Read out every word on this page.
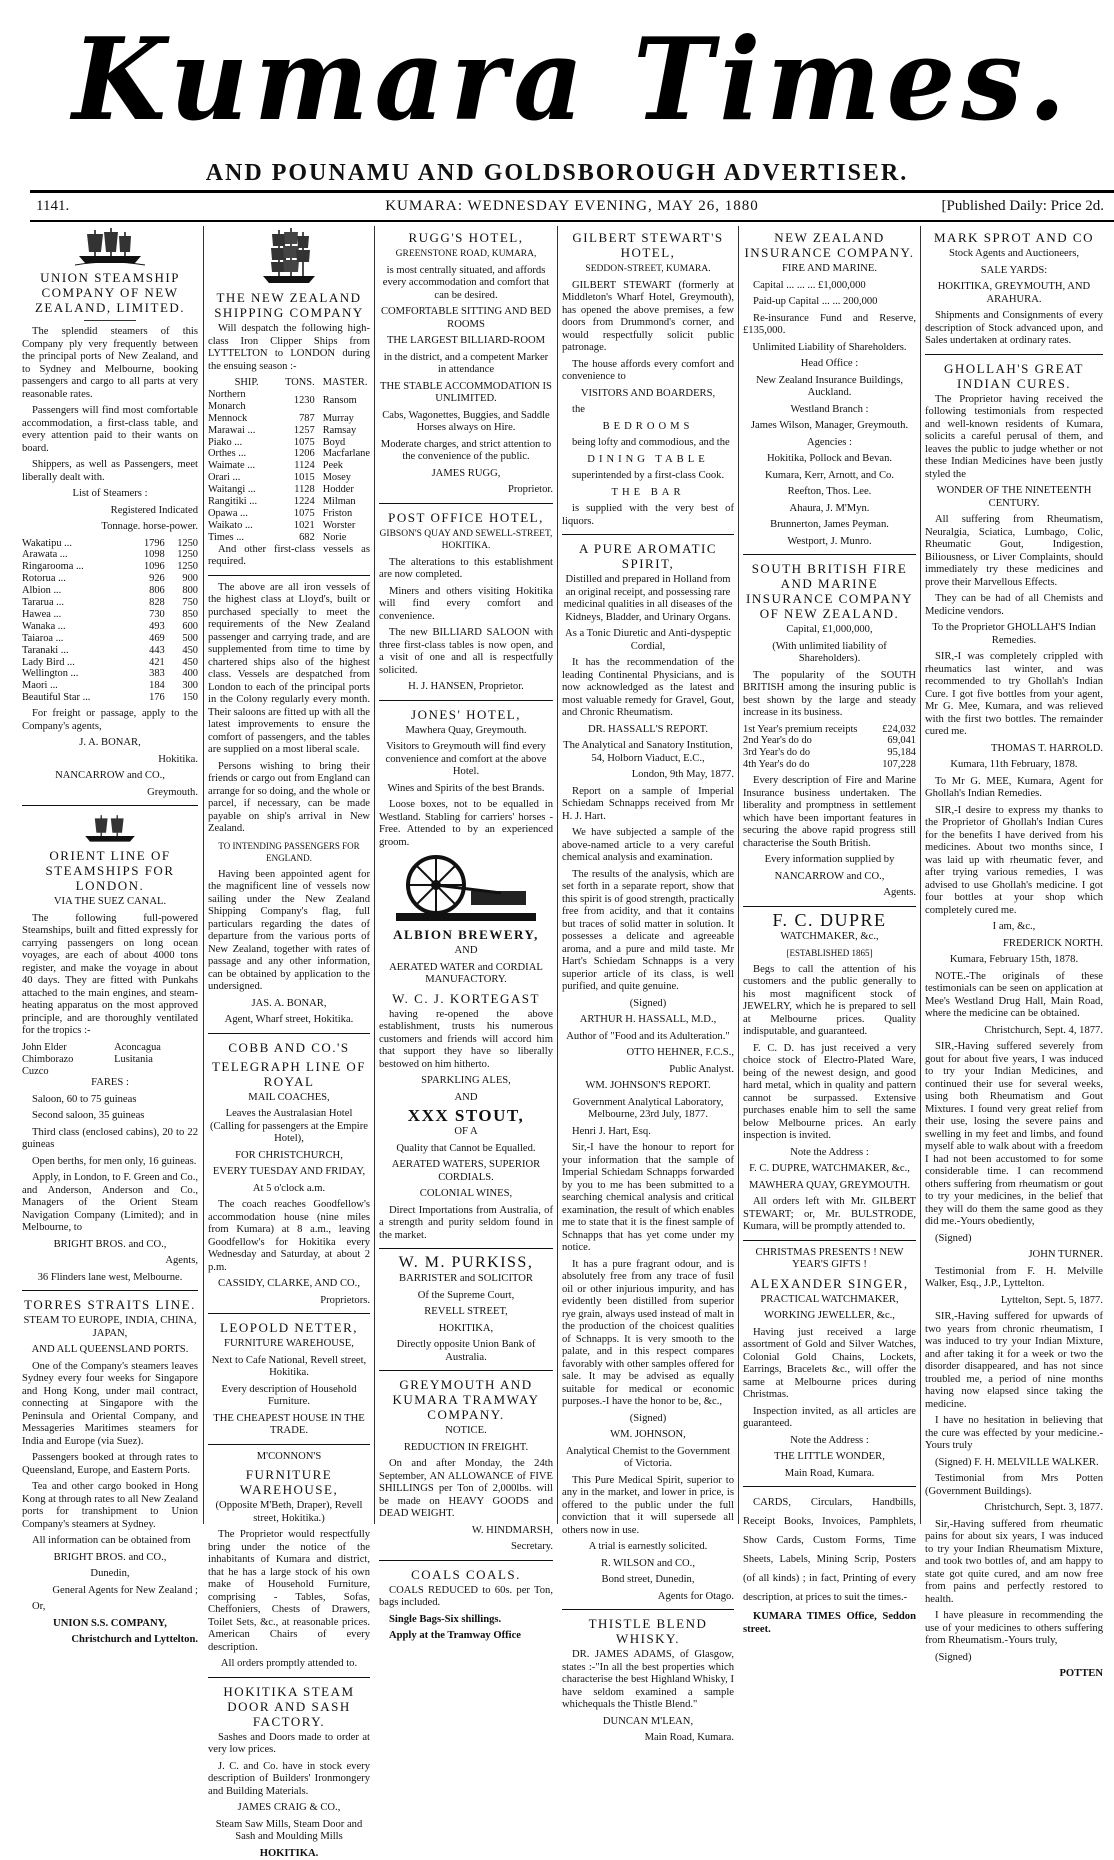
Kumara Times.
AND POUNAMU AND GOLDSBOROUGH ADVERTISER.
1141.	KUMARA: WEDNESDAY EVENING, MAY 26, 1880	[Published Daily: Price 2d.
UNION STEAMSHIP COMPANY OF NEW ZEALAND, LIMITED.

The splendid steamers of this Company ply very frequently between the principal ports of New Zealand, and to Sydney and Melbourne, booking passengers and cargo to all parts at very reasonable rates.

Passengers will find most comfortable accommodation, a first-class table, and every attention paid to their wants on board.

Shippers, as well as Passengers, meet liberally dealt with.

List of Steamers :

Registered Indicated

Tonnage. horse-power.

Wakatipu ...	1796	1250
Arawata ...	1098	1250
Ringarooma ...	1096	1250
Rotorua ...	926	900
Albion ...	806	800
Tararua ...	828	750
Hawea ...	730	850
Wanaka ...	493	600
Taiaroa ...	469	500
Taranaki ...	443	450
Lady Bird ...	421	450
Wellington ...	383	400
Maori ...	184	300
Beautiful Star ...	176	150

For freight or passage, apply to the Company's agents,

J. A. BONAR,

Hokitika.

NANCARROW and CO.,

Greymouth.

ORIENT LINE OF STEAMSHIPS FOR LONDON.

VIA THE SUEZ CANAL.

The following full-powered Steamships, built and fitted expressly for carrying passengers on long ocean voyages, are each of about 4000 tons register, and make the voyage in about 40 days. They are fitted with Punkahs attached to the main engines, and steam-heating apparatus on the most approved principle, and are thoroughly ventilated for the tropics :-

John Elder	Aconcagua
Chimborazo	Lusitania
Cuzco	

FARES :

Saloon, 60 to 75 guineas

Second saloon, 35 guineas

Third class (enclosed cabins), 20 to 22 guineas

Open berths, for men only, 16 guineas.

Apply, in London, to F. Green and Co., and Anderson, Anderson and Co., Managers of the Orient Steam Navigation Company (Limited); and in Melbourne, to

BRIGHT BROS. and CO.,

Agents,

36 Flinders lane west, Melbourne.

TORRES STRAITS LINE.

STEAM TO EUROPE, INDIA, CHINA, JAPAN,

AND ALL QUEENSLAND PORTS.

One of the Company's steamers leaves Sydney every four weeks for Singapore and Hong Kong, under mail contract, connecting at Singapore with the Peninsula and Oriental Company, and Messageries Maritimes steamers for India and Europe (via Suez).

Passengers booked at through rates to Queensland, Europe, and Eastern Ports.

Tea and other cargo booked in Hong Kong at through rates to all New Zealand ports for transhipment to Union Company's steamers at Sydney.

All information can be obtained from

BRIGHT BROS. and CO.,

Dunedin,

General Agents for New Zealand ;

Or,

UNION S.S. COMPANY,

Christchurch and Lyttelton.

THE NEW ZEALAND SHIPPING COMPANY

Will despatch the following high-class Iron Clipper Ships from LYTTELTON to LONDON during the ensuing season :-

SHIP.	TONS.	MASTER.
Northern Monarch	1230	Ransom
Mennock	787	Murray
Marawai ...	1257	Ramsay
Piako ...	1075	Boyd
Orthes ...	1206	Macfarlane
Waimate ...	1124	Peek
Orari ...	1015	Mosey
Waitangi ...	1128	Hodder
Rangitiki ...	1224	Milman
Opawa ...	1075	Friston
Waikato ...	1021	Worster
Times ...	682	Norie

And other first-class vessels as required.

The above are all iron vessels of the highest class at Lloyd's, built or purchased specially to meet the requirements of the New Zealand passenger and carrying trade, and are supplemented from time to time by chartered ships also of the highest class. Vessels are despatched from London to each of the principal ports in the Colony regularly every month. Their saloons are fitted up with all the latest improvements to ensure the comfort of passengers, and the tables are supplied on a most liberal scale.

Persons wishing to bring their friends or cargo out from England can arrange for so doing, and the whole or parcel, if necessary, can be made payable on ship's arrival in New Zealand.

TO INTENDING PASSENGERS FOR ENGLAND.

Having been appointed agent for the magnificent line of vessels now sailing under the New Zealand Shipping Company's flag, full particulars regarding the dates of departure from the various ports of New Zealand, together with rates of passage and any other information, can be obtained by application to the undersigned.

JAS. A. BONAR,

Agent, Wharf street, Hokitika.

COBB AND CO.'S
TELEGRAPH LINE OF ROYAL

MAIL COACHES,

Leaves the Australasian Hotel (Calling for passengers at the Empire Hotel),

FOR CHRISTCHURCH,

EVERY TUESDAY AND FRIDAY,

At 5 o'clock a.m.

The coach reaches Goodfellow's accommodation house (nine miles from Kumara) at 8 a.m., leaving Goodfellow's for Hokitika every Wednesday and Saturday, at about 2 p.m.

CASSIDY, CLARKE, AND CO.,

Proprietors.

LEOPOLD NETTER,

FURNITURE WAREHOUSE,

Next to Cafe National, Revell street, Hokitika.

Every description of Household Furniture.

THE CHEAPEST HOUSE IN THE TRADE.

M'CONNON'S

FURNITURE WAREHOUSE,

(Opposite M'Beth, Draper), Revell street, Hokitika.)

The Proprietor would respectfully bring under the notice of the inhabitants of Kumara and district, that he has a large stock of his own make of Household Furniture, comprising - Tables, Sofas, Cheffoniers, Chests of Drawers, Toilet Sets, &c., at reasonable prices. American Chairs of every description.

All orders promptly attended to.

HOKITIKA STEAM DOOR AND SASH FACTORY.

Sashes and Doors made to order at very low prices.

J. C. and Co. have in stock every description of Builders' Ironmongery and Building Materials.

JAMES CRAIG & CO.,

Steam Saw Mills, Steam Door and Sash and Moulding Mills

HOKITIKA.

RUGG'S HOTEL,

GREENSTONE ROAD, KUMARA,

is most centrally situated, and affords every accommodation and comfort that can be desired.

COMFORTABLE SITTING AND BED ROOMS

THE LARGEST BILLIARD-ROOM

in the district, and a competent Marker in attendance

THE STABLE ACCOMMODATION IS UNLIMITED.

Cabs, Wagonettes, Buggies, and Saddle Horses always on Hire.

Moderate charges, and strict attention to the convenience of the public.

JAMES RUGG,

Proprietor.

POST OFFICE HOTEL,

GIBSON'S QUAY AND SEWELL-STREET, HOKITIKA.

The alterations to this establishment are now completed.

Miners and others visiting Hokitika will find every comfort and convenience.

The new BILLIARD SALOON with three first-class tables is now open, and a visit of one and all is respectfully solicited.

H. J. HANSEN, Proprietor.

JONES' HOTEL,

Mawhera Quay, Greymouth.

Visitors to Greymouth will find every convenience and comfort at the above Hotel.

Wines and Spirits of the best Brands.

Loose boxes, not to be equalled in Westland. Stabling for carriers' horses -Free. Attended to by an experienced groom.

ALBION BREWERY,

AND

AERATED WATER and CORDIAL MANUFACTORY.

W. C. J. KORTEGAST

having re-opened the above establishment, trusts his numerous customers and friends will accord him that support they have so liberally bestowed on him hitherto.

SPARKLING ALES,

AND

XXX STOUT,

OF A

Quality that Cannot be Equalled.

AERATED WATERS, SUPERIOR CORDIALS.

COLONIAL WINES,

Direct Importations from Australia, of a strength and purity seldom found in the market.

W. M. PURKISS,

BARRISTER and SOLICITOR

Of the Supreme Court,

REVELL STREET,

HOKITIKA,

Directly opposite Union Bank of Australia.

GREYMOUTH AND KUMARA TRAMWAY COMPANY.

NOTICE.

REDUCTION IN FREIGHT.

On and after Monday, the 24th September, AN ALLOWANCE of FIVE SHILLINGS per Ton of 2,000lbs. will be made on HEAVY GOODS and DEAD WEIGHT.

W. HINDMARSH,

Secretary.

COALS COALS.

COALS REDUCED to 60s. per Ton, bags included.

Single Bags-Six shillings.

Apply at the Tramway Office

GILBERT STEWART'S HOTEL,

SEDDON-STREET, KUMARA.

GILBERT STEWART (formerly at Middleton's Wharf Hotel, Greymouth), has opened the above premises, a few doors from Drummond's corner, and would respectfully solicit public patronage.

The house affords every comfort and convenience to

VISITORS AND BOARDERS,

the

BEDROOMS

being lofty and commodious, and the

DINING TABLE

superintended by a first-class Cook.

THE BAR

is supplied with the very best of liquors.

A PURE AROMATIC SPIRIT,

Distilled and prepared in Holland from an original receipt, and possessing rare medicinal qualities in all diseases of the Kidneys, Bladder, and Urinary Organs.

As a Tonic Diuretic and Anti-dyspeptic Cordial,

It has the recommendation of the leading Continental Physicians, and is now acknowledged as the latest and most valuable remedy for Gravel, Gout, and Chronic Rheumatism.

DR. HASSALL'S REPORT.

The Analytical and Sanatory Institution, 54, Holborn Viaduct, E.C.,

London, 9th May, 1877.

Report on a sample of Imperial Schiedam Schnapps received from Mr H. J. Hart.

We have subjected a sample of the above-named article to a very careful chemical analysis and examination.

The results of the analysis, which are set forth in a separate report, show that this spirit is of good strength, practically free from acidity, and that it contains but traces of solid matter in solution. It possesses a delicate and agreeable aroma, and a pure and mild taste. Mr Hart's Schiedam Schnapps is a very superior article of its class, is well purified, and quite genuine.

(Signed)

ARTHUR H. HASSALL, M.D.,

Author of "Food and its Adulteration."

OTTO HEHNER, F.C.S.,

Public Analyst.

WM. JOHNSON'S REPORT.

Government Analytical Laboratory, Melbourne, 23rd July, 1877.

Henri J. Hart, Esq.

Sir,-I have the honour to report for your information that the sample of Imperial Schiedam Schnapps forwarded by you to me has been submitted to a searching chemical analysis and critical examination, the result of which enables me to state that it is the finest sample of Schnapps that has yet come under my notice.

It has a pure fragrant odour, and is absolutely free from any trace of fusil oil or other injurious impurity, and has evidently been distilled from superior rye grain, always used instead of malt in the production of the choicest qualities of Schnapps. It is very smooth to the palate, and in this respect compares favorably with other samples offered for sale. It may be advised as equally suitable for medical or economic purposes.-I have the honor to be, &c.,

(Signed)

WM. JOHNSON,

Analytical Chemist to the Government of Victoria.

This Pure Medical Spirit, superior to any in the market, and lower in price, is offered to the public under the full conviction that it will supersede all others now in use.

A trial is earnestly solicited.

R. WILSON and CO.,

Bond street, Dunedin,

Agents for Otago.

THISTLE BLEND WHISKY.

DR. JAMES ADAMS, of Glasgow, states :-"In all the best properties which characterise the best Highland Whisky, I have seldom examined a sample whichequals the Thistle Blend."

DUNCAN M'LEAN,

Main Road, Kumara.

NEW ZEALAND INSURANCE COMPANY.

FIRE AND MARINE.

Capital ... ... ... £1,000,000

Paid-up Capital ... ... 200,000

Re-insurance Fund and Reserve, £135,000.

Unlimited Liability of Shareholders.

Head Office :

New Zealand Insurance Buildings, Auckland.

Westland Branch :

James Wilson, Manager, Greymouth.

Agencies :

Hokitika, Pollock and Bevan.

Kumara, Kerr, Arnott, and Co.

Reefton, Thos. Lee.

Ahaura, J. M'Myn.

Brunnerton, James Peyman.

Westport, J. Munro.

SOUTH BRITISH FIRE AND MARINE INSURANCE COMPANY OF NEW ZEALAND.

Capital, £1,000,000,

(With unlimited liability of Shareholders).

The popularity of the SOUTH BRITISH among the insuring public is best shown by the large and steady increase in its business.

1st Year's premium receipts	£24,032
2nd Year's do do	69,041
3rd Year's do do	95,184
4th Year's do do	107,228

Every description of Fire and Marine Insurance business undertaken. The liberality and promptness in settlement which have been important features in securing the above rapid progress still characterise the South British.

Every information supplied by

NANCARROW and CO.,

Agents.

F. C. DUPRE

WATCHMAKER, &c.,

[ESTABLISHED 1865]

Begs to call the attention of his customers and the public generally to his most magnificent stock of JEWELRY, which he is prepared to sell at Melbourne prices. Quality indisputable, and guaranteed.

F. C. D. has just received a very choice stock of Electro-Plated Ware, being of the newest design, and good hard metal, which in quality and pattern cannot be surpassed. Extensive purchases enable him to sell the same below Melbourne prices. An early inspection is invited.

Note the Address :

F. C. DUPRE, WATCHMAKER, &c.,

MAWHERA QUAY, GREYMOUTH.

All orders left with Mr. GILBERT STEWART; or, Mr. BULSTRODE, Kumara, will be promptly attended to.

CHRISTMAS PRESENTS ! NEW YEAR'S GIFTS !

ALEXANDER SINGER,

PRACTICAL WATCHMAKER,

WORKING JEWELLER, &c.,

Having just received a large assortment of Gold and Silver Watches, Colonial Gold Chains, Lockets, Earrings, Bracelets &c., will offer the same at Melbourne prices during Christmas.

Inspection invited, as all articles are guaranteed.

Note the Address :

THE LITTLE WONDER,

Main Road, Kumara.

CARDS, Circulars, Handbills, Receipt Books, Invoices, Pamphlets, Show Cards, Custom Forms, Time Sheets, Labels, Mining Scrip, Posters (of all kinds) ; in fact, Printing of every description, at prices to suit the times.-

KUMARA TIMES Office, Seddon street.

MARK SPROT AND CO

Stock Agents and Auctioneers,

SALE YARDS:

HOKITIKA, GREYMOUTH, AND ARAHURA.

Shipments and Consignments of every description of Stock advanced upon, and Sales undertaken at ordinary rates.

GHOLLAH'S GREAT INDIAN CURES.

The Proprietor having received the following testimonials from respected and well-known residents of Kumara, solicits a careful perusal of them, and leaves the public to judge whether or not these Indian Medicines have been justly styled the

WONDER OF THE NINETEENTH CENTURY.

All suffering from Rheumatism, Neuralgia, Sciatica, Lumbago, Colic, Rheumatic Gout, Indigestion, Biliousness, or Liver Complaints, should immediately try these medicines and prove their Marvellous Effects.

They can be had of all Chemists and Medicine vendors.

To the Proprietor GHOLLAH'S Indian Remedies.

SIR,-I was completely crippled with rheumatics last winter, and was recommended to try Ghollah's Indian Cure. I got five bottles from your agent, Mr G. Mee, Kumara, and was relieved with the first two bottles. The remainder cured me.

THOMAS T. HARROLD.

Kumara, 11th February, 1878.

To Mr G. MEE, Kumara, Agent for Ghollah's Indian Remedies.

SIR,-I desire to express my thanks to the Proprietor of Ghollah's Indian Cures for the benefits I have derived from his medicines. About two months since, I was laid up with rheumatic fever, and after trying various remedies, I was advised to use Ghollah's medicine. I got four bottles at your shop which completely cured me.

I am, &c.,

FREDERICK NORTH.

Kumara, February 15th, 1878.

NOTE.-The originals of these testimonials can be seen on application at Mee's Westland Drug Hall, Main Road, where the medicine can be obtained.

Christchurch, Sept. 4, 1877.

SIR,-Having suffered severely from gout for about five years, I was induced to try your Indian Medicines, and continued their use for several weeks, using both Rheumatism and Gout Mixtures. I found very great relief from their use, losing the severe pains and swelling in my feet and limbs, and found myself able to walk about with a freedom I had not been accustomed to for some considerable time. I can recommend others suffering from rheumatism or gout to try your medicines, in the belief that they will do them the same good as they did me.-Yours obediently,

(Signed)

JOHN TURNER.

Testimonial from F. H. Melville Walker, Esq., J.P., Lyttelton.

Lyttelton, Sept. 5, 1877.

SIR,-Having suffered for upwards of two years from chronic rheumatism, I was induced to try your Indian Mixture, and after taking it for a week or two the disorder disappeared, and has not since troubled me, a period of nine months having now elapsed since taking the medicine.

I have no hesitation in believing that the cure was effected by your medicine.-Yours truly

(Signed) F. H. MELVILLE WALKER.

Testimonial from Mrs Potten (Government Buildings).

Christchurch, Sept. 3, 1877.

Sir,-Having suffered from rheumatic pains for about six years, I was induced to try your Indian Rheumatism Mixture, and took two bottles of, and am happy to state got quite cured, and am now free from pains and perfectly restored to health.

I have pleasure in recommending the use of your medicines to others suffering from Rheumatism.-Yours truly,

(Signed)

POTTEN
